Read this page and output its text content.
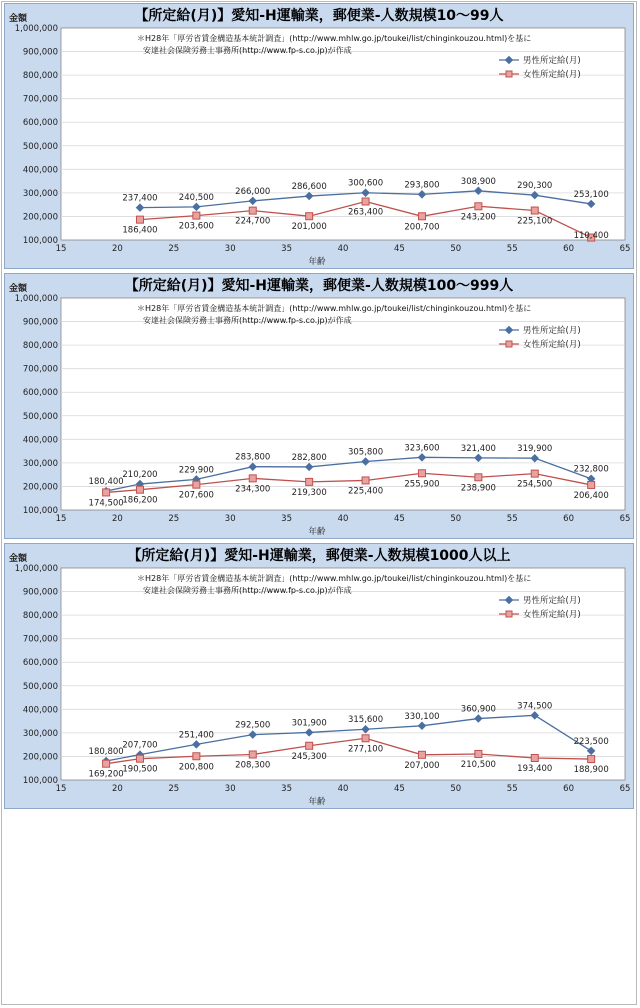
100,000
200,000
300,000
400,000
500,000
600,000
700,000
800,000
900,000
1,000,000
15	20	25	30	35	40	45	50	55	60	65
【所定給(月)】愛知-H運輸業，郵便業-人数規模10～99人
金額
年齢
＊H28年「厚労省賃金構造基本統計調査」(http://www.mhlw.go.jp/toukei/list/chinginkouzou.html)を基に
安達社会保険労務士事務所(http://www.fp-s.co.jp)が作成
男性所定給(月)
女性所定給(月)
237,400 240,500
266,000 286,600 300,600 293,800 308,900 290,300
253,100
186,400 203,600 224,700
201,000
263,400
200,700
243,200 225,100
110,400
100,000
200,000
300,000
400,000
500,000
600,000
700,000
800,000
900,000
1,000,000
15	20	25	30	35	40	45	50	55	60	65
【所定給(月)】愛知-H運輸業，郵便業-人数規模100～999人
金額
年齢
＊H28年「厚労省賃金構造基本統計調査」(http://www.mhlw.go.jp/toukei/list/chinginkouzou.html)を基に
安達社会保険労務士事務所(http://www.fp-s.co.jp)が作成
男性所定給(月)
女性所定給(月)
180,400
210,200 229,900
283,800 282,800
305,800 323,600 321,400 319,900
232,800
174,500
186,200
207,600
234,300 219,300 225,400
255,900 238,900 254,500
206,400
100,000
200,000
300,000
400,000
500,000
600,000
700,000
800,000
900,000
1,000,000
15	20	25	30	35	40	45	50	55	60	65
【所定給(月)】愛知-H運輸業，郵便業-人数規模1000人以上
金額
年齢
＊H28年「厚労省賃金構造基本統計調査」(http://www.mhlw.go.jp/toukei/list/chinginkouzou.html)を基に
安達社会保険労務士事務所(http://www.fp-s.co.jp)が作成
男性所定給(月)
女性所定給(月)
180,800
207,700
251,400
292,500 301,900 315,600 330,100
360,900 374,500
223,500
169,200
190,500 200,800 208,300
245,300
277,100
207,000 210,500 193,400 188,900
